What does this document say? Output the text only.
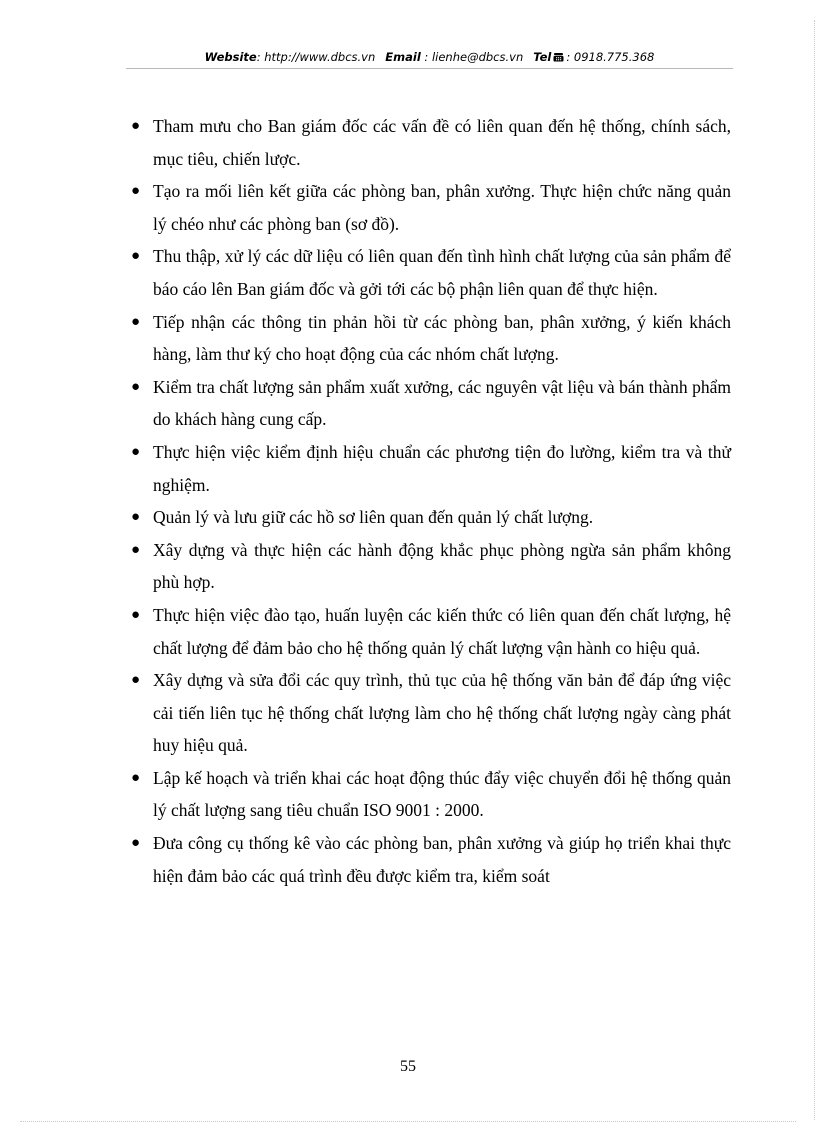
Website: http://www.dbcs.vn Email : lienhe@dbcs.vn Tel : 0918.775.368
● Tham mưu cho Ban giám đốc các vấn đề có liên quan đến hệ thống, chính sách, mục tiêu, chiến lược.
● Tạo ra mối liên kết giữa các phòng ban, phân xưởng. Thực hiện chức năng quản lý chéo như các phòng ban (sơ đồ).
● Thu thập, xử lý các dữ liệu có liên quan đến tình hình chất lượng của sản phẩm để báo cáo lên Ban giám đốc và gởi tới các bộ phận liên quan để thực hiện.
● Tiếp nhận các thông tin phản hồi từ các phòng ban, phân xưởng, ý kiến khách hàng, làm thư ký cho hoạt động của các nhóm chất lượng.
● Kiểm tra chất lượng sản phẩm xuất xưởng, các nguyên vật liệu và bán thành phẩm do khách hàng cung cấp.
● Thực hiện việc kiểm định hiệu chuẩn các phương tiện đo lường, kiểm tra và thử nghiệm.
● Quản lý và lưu giữ các hồ sơ liên quan đến quản lý chất lượng.
● Xây dựng và thực hiện các hành động khắc phục phòng ngừa sản phẩm không phù hợp.
● Thực hiện việc đào tạo, huấn luyện các kiến thức có liên quan đến chất lượng, hệ chất lượng để đảm bảo cho hệ thống quản lý chất lượng vận hành co hiệu quả.
● Xây dựng và sửa đổi các quy trình, thủ tục của hệ thống văn bản để đáp ứng việc cải tiến liên tục hệ thống chất lượng làm cho hệ thống chất lượng ngày càng phát huy hiệu quả.
● Lập kế hoạch và triển khai các hoạt động thúc đẩy việc chuyển đổi hệ thống quản lý chất lượng sang tiêu chuẩn ISO 9001 : 2000.
● Đưa công cụ thống kê vào các phòng ban, phân xưởng và giúp họ triển khai thực hiện đảm bảo các quá trình đều được kiểm tra, kiểm soát
55
